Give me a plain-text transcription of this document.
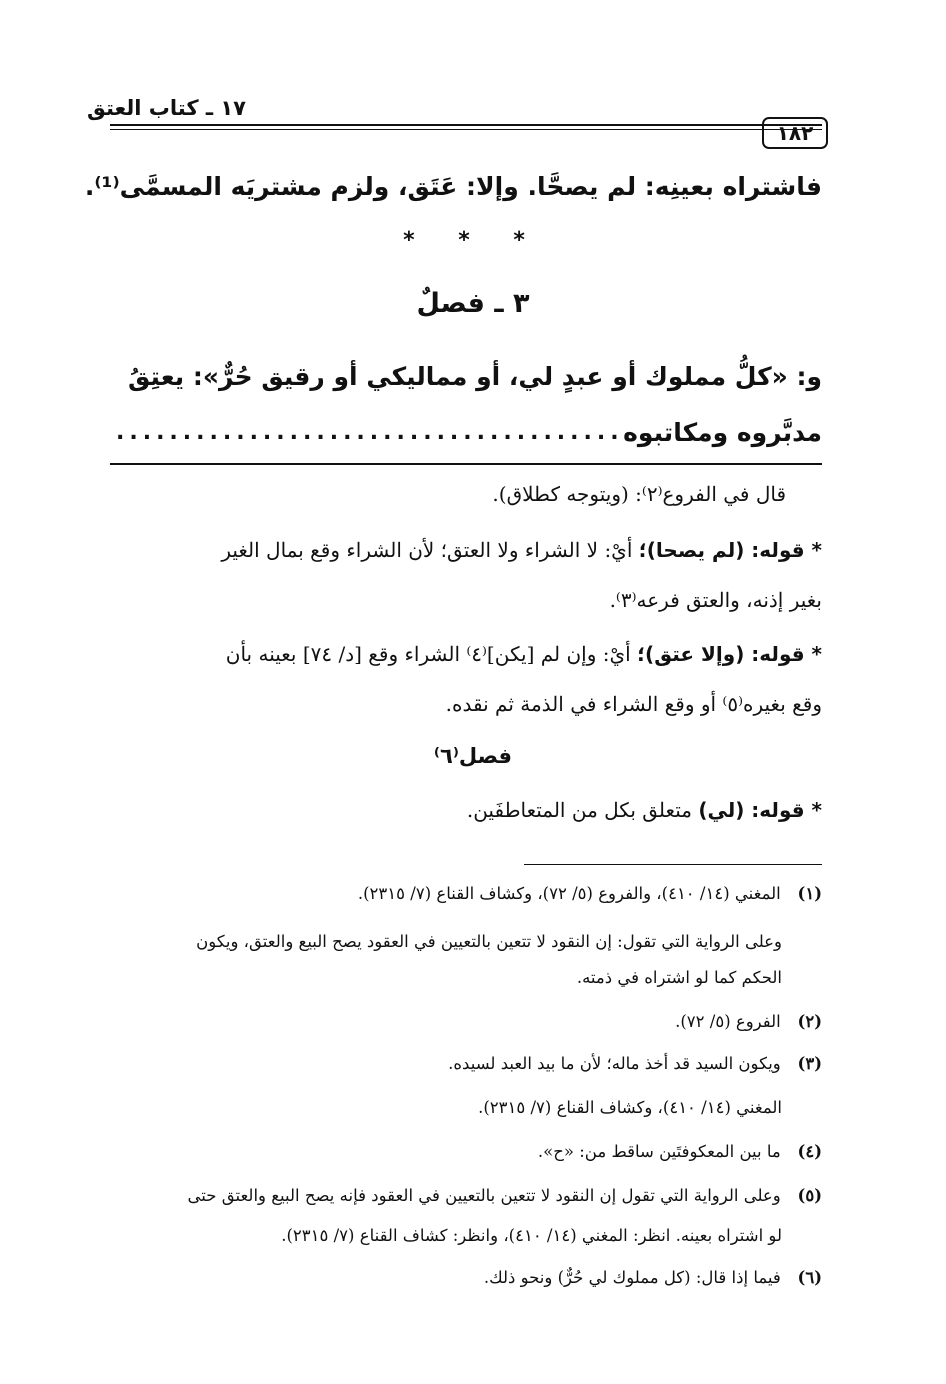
١٨٢
١٧ ـ كتاب العتق
فاشتراه بعينِه: لم يصحَّا. وإلا: عَتَق، ولزم مشتريَه المسمَّى⁽¹⁾.
* * *
٣ ـ فصلٌ
و: «كلُّ مملوك أو عبدٍ لي، أو مماليكي أو رقيق حُرٌّ»: يعتِقُ
مدبَّروه ومكاتبوه
......................................
قال في الفروع⁽٢⁾: (ويتوجه كطلاق).
* قوله: (لم يصحا)؛ أيْ: لا الشراء ولا العتق؛ لأن الشراء وقع بمال الغير
بغير إذنه، والعتق فرعه⁽٣⁾.
* قوله: (وإلا عتق)؛ أيْ: وإن لم [يكن]⁽٤⁾ الشراء وقع [د/ ٧٤] بعينه بأن
وقع بغيره⁽٥⁾ أو وقع الشراء في الذمة ثم نقده.
فصل⁽٦⁾
* قوله: (لي) متعلق بكل من المتعاطفَين.
(١) المغني (١٤/ ٤١٠)، والفروع (٥/ ٧٢)، وكشاف القناع (٧/ ٢٣١٥).
وعلى الرواية التي تقول: إن النقود لا تتعين بالتعيين في العقود يصح البيع والعتق، ويكون
الحكم كما لو اشتراه في ذمته.
(٢) الفروع (٥/ ٧٢).
(٣) ويكون السيد قد أخذ ماله؛ لأن ما بيد العبد لسيده.
المغني (١٤/ ٤١٠)، وكشاف القناع (٧/ ٢٣١٥).
(٤) ما بين المعكوفتَين ساقط من: «ح».
(٥) وعلى الرواية التي تقول إن النقود لا تتعين بالتعيين في العقود فإنه يصح البيع والعتق حتى
لو اشتراه بعينه. انظر: المغني (١٤/ ٤١٠)، وانظر: كشاف القناع (٧/ ٢٣١٥).
(٦) فيما إذا قال: (كل مملوك لي حُرٌّ) ونحو ذلك.
